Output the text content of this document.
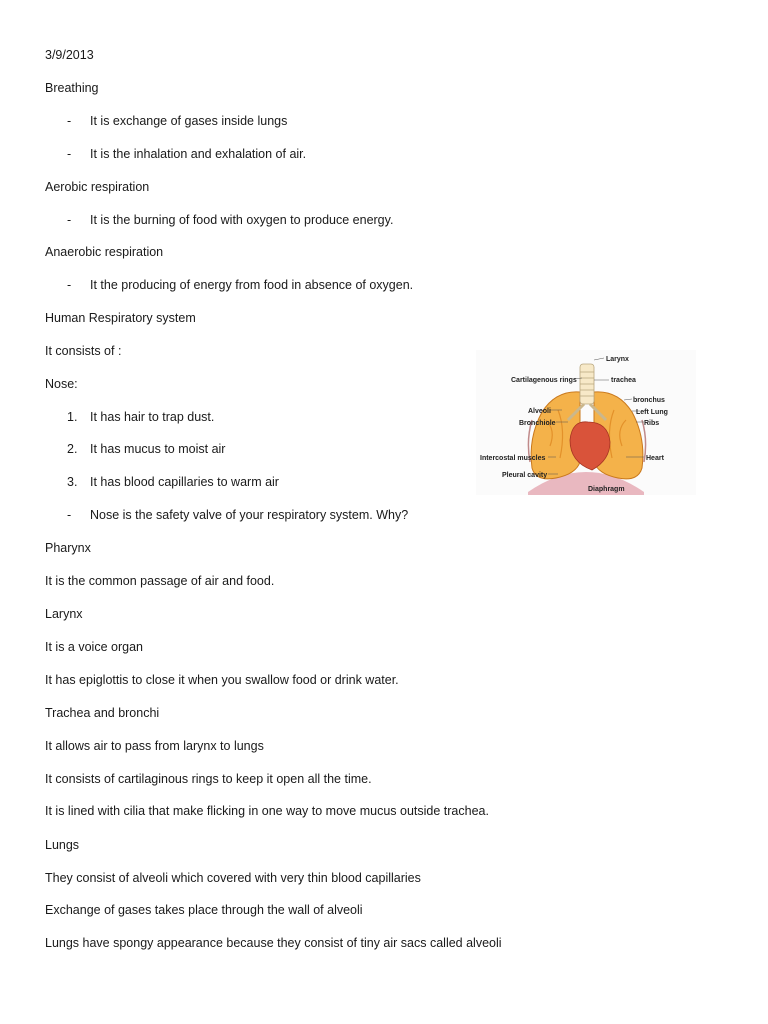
3/9/2013
Breathing
- It is exchange of gases inside lungs
- It is the inhalation and exhalation of air.
Aerobic respiration
- It is the burning of food with oxygen to produce energy.
Anaerobic respiration
- It the producing of energy from food in absence of oxygen.
Human Respiratory system
It consists of :
Nose:
1. It has hair to trap dust.
2. It has mucus to moist air
3. It has blood capillaries to warm air
- Nose is the safety valve of your respiratory system. Why?
Pharynx
It is the common passage of air and food.
Larynx
It is a voice organ
It has epiglottis to close it when you swallow food or drink water.
Trachea and bronchi
It allows air to pass from larynx to lungs
It consists of cartilaginous rings to keep it open all the time.
It is lined with cilia that make flicking in one way to move mucus outside trachea.
Lungs
They consist of alveoli which covered with very thin blood capillaries
Exchange of gases takes place through the wall of alveoli
Lungs have spongy appearance because they consist of tiny air sacs called alveoli
Larynx
Cartilagenous rings	trachea
bronchus
Alveoli	Left Lung
Bronchiole	Ribs
Intercostal muscles	Heart
Pleural cavity
Diaphragm
